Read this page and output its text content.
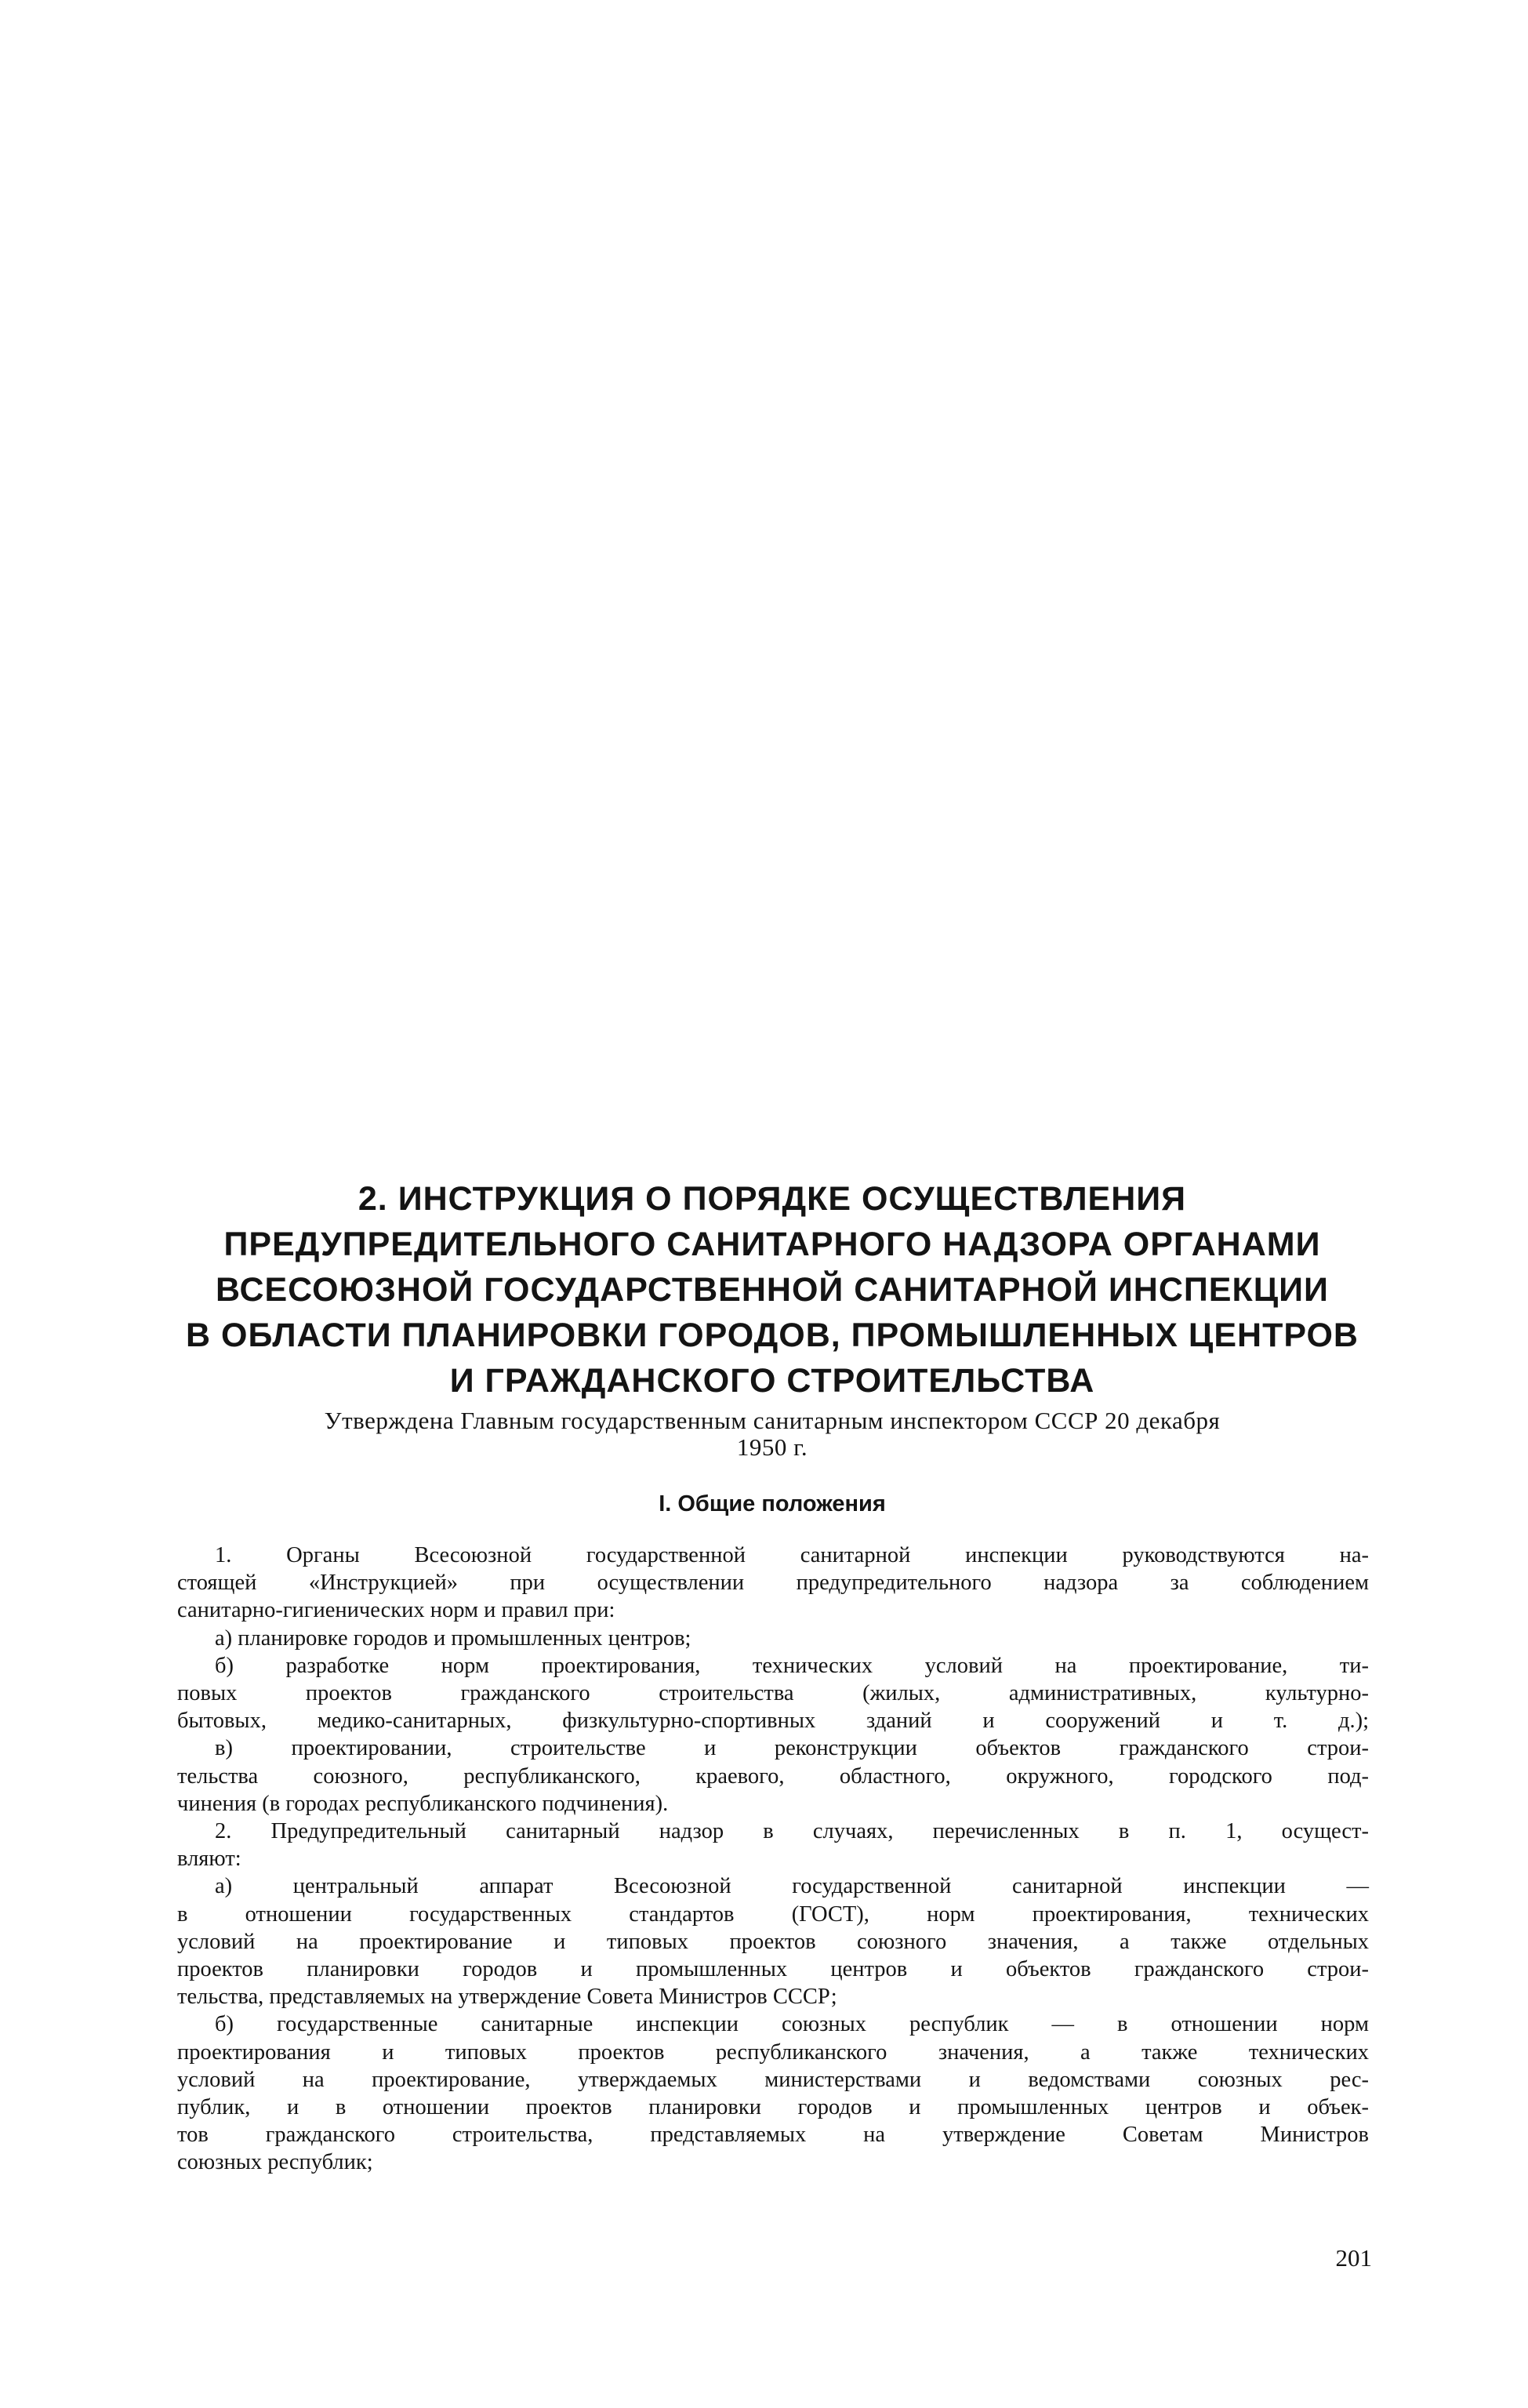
2. ИНСТРУКЦИЯ О ПОРЯДКЕ ОСУЩЕСТВЛЕНИЯ
ПРЕДУПРЕДИТЕЛЬНОГО САНИТАРНОГО НАДЗОРА ОРГАНАМИ
ВСЕСОЮЗНОЙ ГОСУДАРСТВЕННОЙ САНИТАРНОЙ ИНСПЕКЦИИ
В ОБЛАСТИ ПЛАНИРОВКИ ГОРОДОВ, ПРОМЫШЛЕННЫХ ЦЕНТРОВ
И ГРАЖДАНСКОГО СТРОИТЕЛЬСТВА
Утверждена Главным государственным санитарным инспектором СССР 20 декабря
1950 г.
I. Общие положения
1. Органы Всесоюзной государственной санитарной инспекции руководствуются на-
стоящей «Инструкцией» при осуществлении предупредительного надзора за соблюдением
санитарно-гигиенических норм и правил при:
а) планировке городов и промышленных центров;
б) разработке норм проектирования, технических условий на проектирование, ти-
повых проектов гражданского строительства (жилых, административных, культурно-
бытовых, медико-санитарных, физкультурно-спортивных зданий и сооружений и т. д.);
в) проектировании, строительстве и реконструкции объектов гражданского строи-
тельства союзного, республиканского, краевого, областного, окружного, городского под-
чинения (в городах республиканского подчинения).
2. Предупредительный санитарный надзор в случаях, перечисленных в п. 1, осущест-
вляют:
а) центральный аппарат Всесоюзной государственной санитарной инспекции —
в отношении государственных стандартов (ГОСТ), норм проектирования, технических
условий на проектирование и типовых проектов союзного значения, а также отдельных
проектов планировки городов и промышленных центров и объектов гражданского строи-
тельства, представляемых на утверждение Совета Министров СССР;
б) государственные санитарные инспекции союзных республик — в отношении норм
проектирования и типовых проектов республиканского значения, а также технических
условий на проектирование, утверждаемых министерствами и ведомствами союзных рес-
публик, и в отношении проектов планировки городов и промышленных центров и объек-
тов гражданского строительства, представляемых на утверждение Советам Министров
союзных республик;
201
